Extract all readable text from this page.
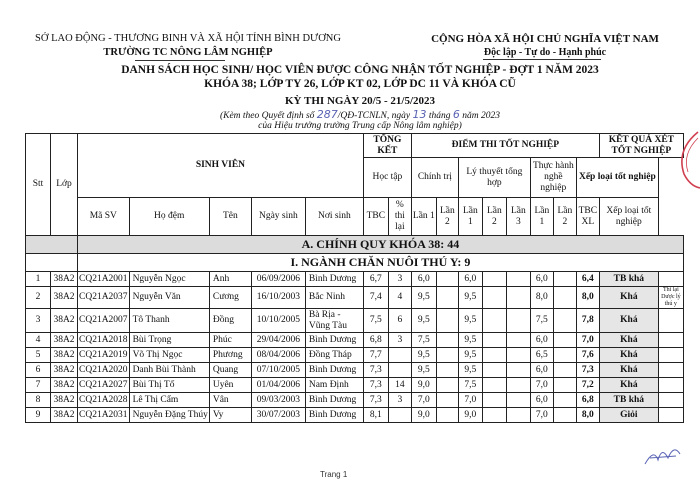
SỞ LAO ĐỘNG - THƯƠNG BINH VÀ XÃ HỘI TỈNH BÌNH DƯƠNG
TRƯỜNG TC NÔNG LÂM NGHIỆP
CỘNG HÒA XÃ HỘI CHỦ NGHĨA VIỆT NAM
Độc lập - Tự do - Hạnh phúc
DANH SÁCH HỌC SINH/ HỌC VIÊN ĐƯỢC CÔNG NHẬN TỐT NGHIỆP - ĐỢT 1 NĂM 2023
KHÓA 38; LỚP TY 26, LỚP KT 02, LỚP DC 11 VÀ KHÓA CŨ
KỲ THI NGÀY 20/5 - 21/5/2023
(Kèm theo Quyết định số 287/QĐ-TCNLN, ngày 13 tháng 6 năm 2023
của Hiệu trưởng trường Trung cấp Nông lâm nghiệp)
Stt	Lớp	SINH VIÊN					TỔNG KẾT		ĐIỂM THI TỐT NGHIỆP								KẾT QUẢ XÉT TỐT NGHIỆP	
							Học tập		Chính trị		Lý thuyết tổng hợp			Thực hành nghề nghiệp		Xếp loại tốt nghiệp		
		Mã SV	Họ đệm	Tên	Ngày sinh	Nơi sinh	TBC	% thi lại	Lần 1	Lần 2	Lần 1	Lần 2	Lần 3	Lần 1	Lần 2	TBC XL	Xếp loại tốt nghiệp	
		A. CHÍNH QUY KHÓA 38: 44																
		I. NGÀNH CHĂN NUÔI THÚ Y: 9																
1	38A2	CQ21A2001	Nguyễn Ngọc	Anh	06/09/2006	Bình Dương	6,7	3	6,0		6,0			6,0		6,4	TB khá	
2	38A2	CQ21A2037	Nguyễn Văn	Cương	16/10/2003	Bắc Ninh	7,4	4	9,5		9,5			8,0		8,0	Khá	Thi lại Dược lý thú y
3	38A2	CQ21A2007	Tô Thanh	Đồng	10/10/2005	Bà Rịa - Vũng Tàu	7,5	6	9,5		9,5			7,5		7,8	Khá	
4	38A2	CQ21A2018	Bùi Trọng	Phúc	29/04/2006	Bình Dương	6,8	3	7,5		9,5			6,0		7,0	Khá	
5	38A2	CQ21A2019	Võ Thị Ngọc	Phương	08/04/2006	Đồng Tháp	7,7		9,5		9,5			6,5		7,6	Khá	
6	38A2	CQ21A2020	Danh Bùi Thành	Quang	07/10/2005	Bình Dương	7,3		9,5		9,5			6,0		7,3	Khá	
7	38A2	CQ21A2027	Bùi Thị Tố	Uyên	01/04/2006	Nam Định	7,3	14	9,0		7,5			7,0		7,2	Khá	
8	38A2	CQ21A2028	Lê Thị Cẩm	Vân	09/03/2003	Bình Dương	7,3	3	7,0		7,0			6,0		6,8	TB khá	
9	38A2	CQ21A2031	Nguyễn Đặng Thúy	Vy	30/07/2003	Bình Dương	8,1		9,0		9,0			7,0		8,0	Giỏi	
Trang 1
